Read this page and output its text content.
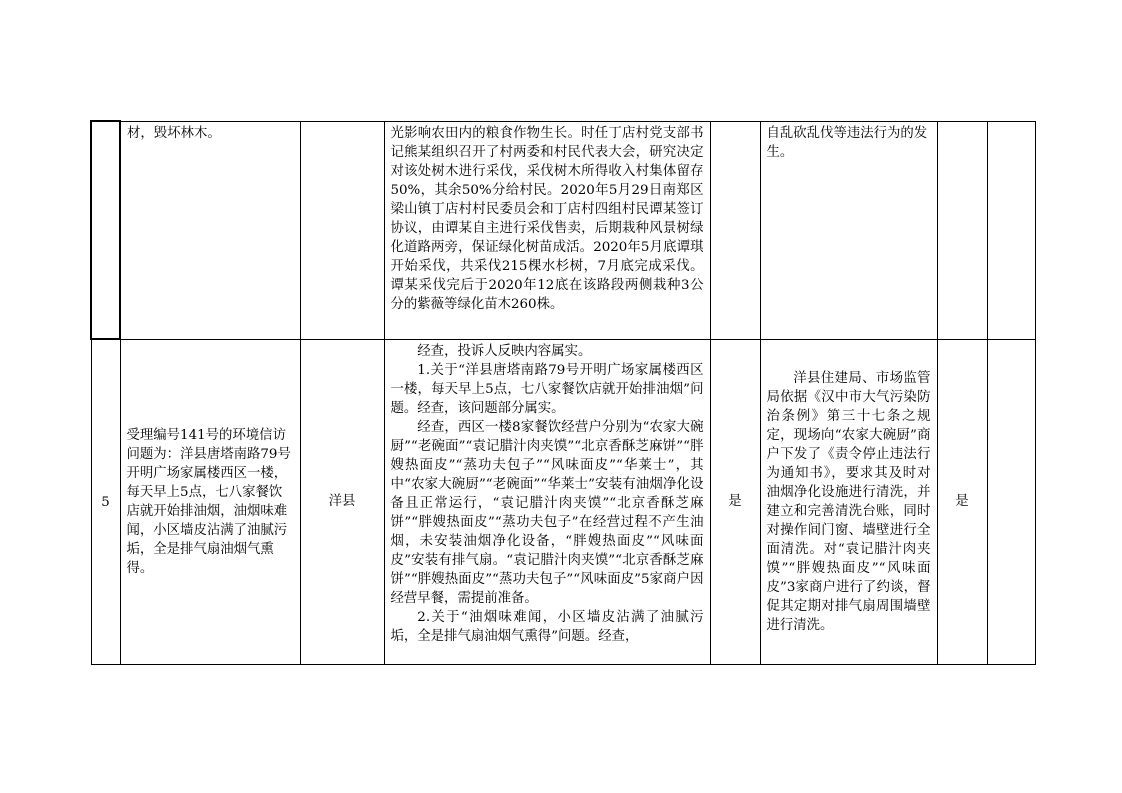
	材，毁坏林木。		光影响农田内的粮食作物生长。时任丁店村党支部书记熊某组织召开了村两委和村民代表大会，研究决定对该处树木进行采伐，采伐树木所得收入村集体留存50%，其余50%分给村民。2020年5月29日南郑区梁山镇丁店村村民委员会和丁店村四组村民谭某签订协议，由谭某自主进行采伐售卖，后期栽种风景树绿化道路两旁，保证绿化树苗成活。2020年5月底谭琪开始采伐，共采伐215棵水杉树，7月底完成采伐。谭某采伐完后于2020年12底在该路段两侧栽种3公分的紫薇等绿化苗木260株。		自乱砍乱伐等违法行为的发生。		
5	受理编号141号的环境信访问题为：洋县唐塔南路79号开明广场家属楼西区一楼，每天早上5点，七八家餐饮店就开始排油烟，油烟味难闻，小区墙皮沾满了油腻污垢，全是排气扇油烟气熏得。	洋县	经查，投诉人反映内容属实。

1.关于“洋县唐塔南路79号开明广场家属楼西区一楼，每天早上5点，七八家餐饮店就开始排油烟”问题。经查，该问题部分属实。

经查，西区一楼8家餐饮经营户分别为“农家大碗厨”“老碗面”“袁记腊汁肉夹馍”“北京香酥芝麻饼”“胖嫂热面皮”“蒸功夫包子”“风味面皮”“华莱士”，其中“农家大碗厨”“老碗面”“华莱士”安装有油烟净化设备且正常运行，“袁记腊汁肉夹馍”“北京香酥芝麻饼”“胖嫂热面皮”“蒸功夫包子”在经营过程不产生油烟，未安装油烟净化设备，“胖嫂热面皮”“风味面皮”安装有排气扇。“袁记腊汁肉夹馍”“北京香酥芝麻饼”“胖嫂热面皮”“蒸功夫包子”“风味面皮”5家商户因经营早餐，需提前准备。

2.关于“油烟味难闻，小区墙皮沾满了油腻污垢，全是排气扇油烟气熏得”问题。经查，	是	洋县住建局、市场监管局依据《汉中市大气污染防治条例》第三十七条之规定，现场向“农家大碗厨”商户下发了《责令停止违法行为通知书》，要求其及时对油烟净化设施进行清洗，并建立和完善清洗台账，同时对操作间门窗、墙壁进行全面清洗。对“袁记腊汁肉夹馍”“胖嫂热面皮”“风味面皮”3家商户进行了约谈，督促其定期对排气扇周围墙壁进行清洗。	是	
